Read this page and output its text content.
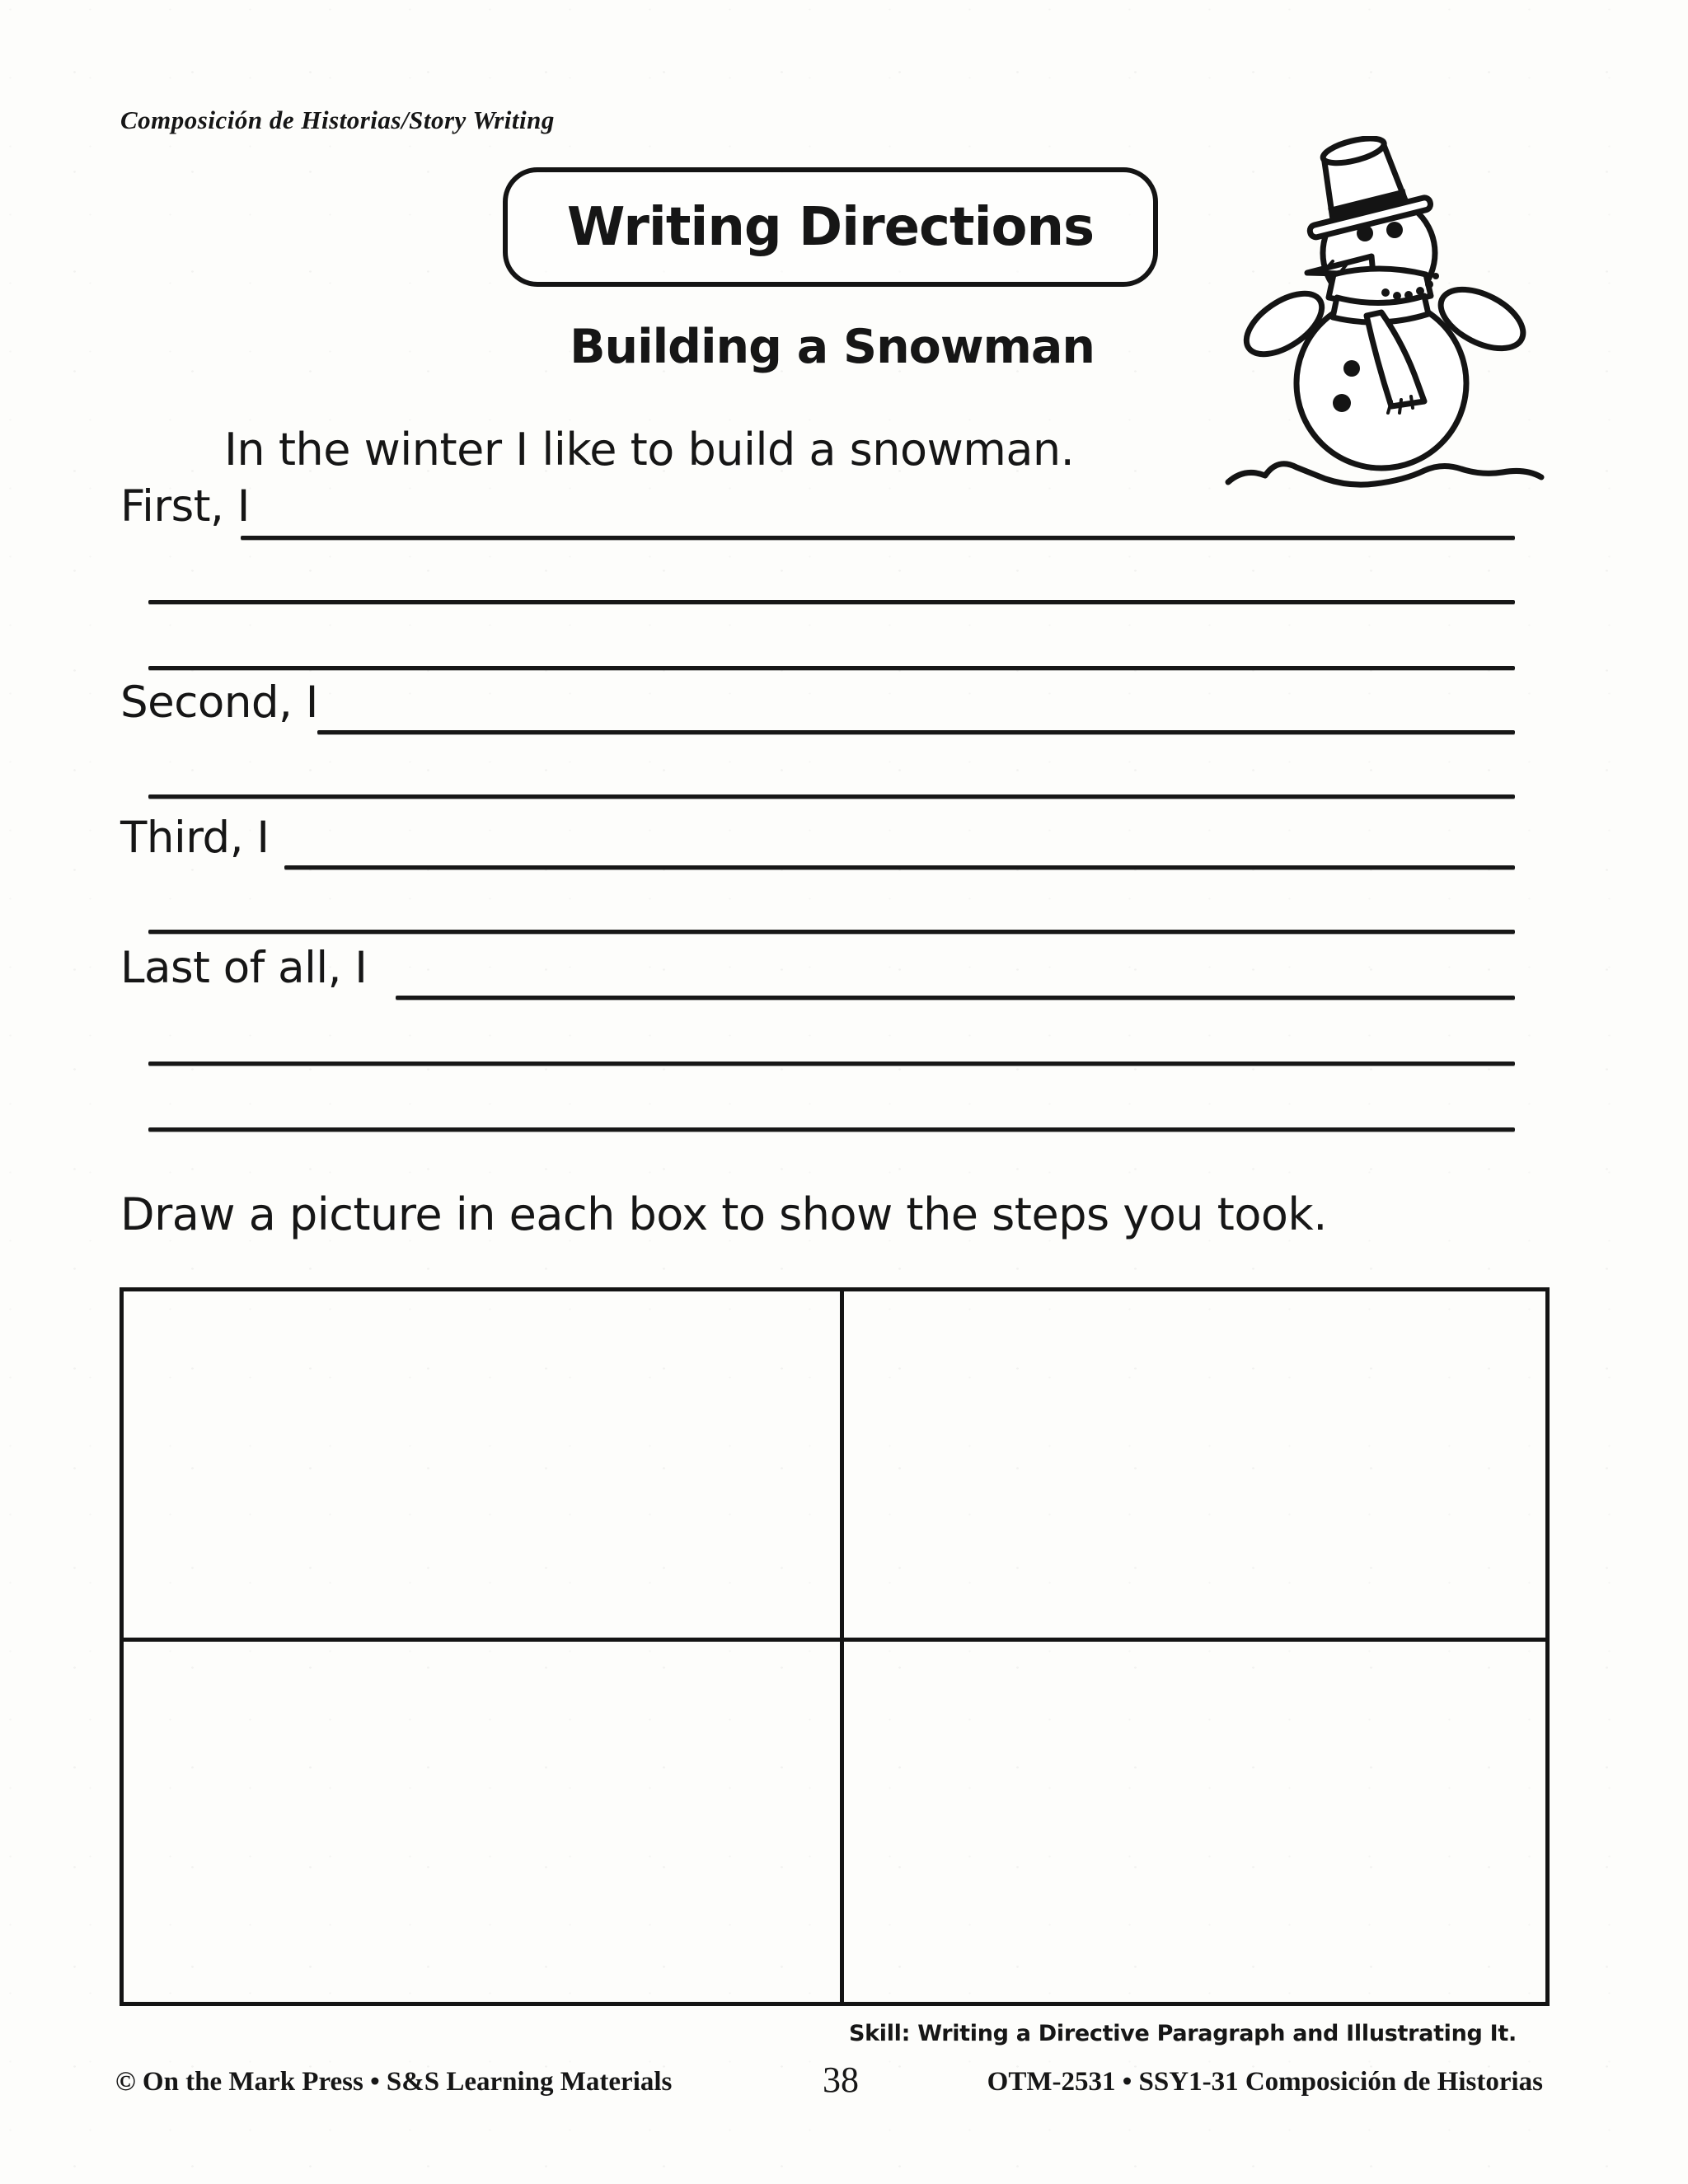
Composición de Historias/Story Writing
Writing Directions
Building a Snowman
In the winter I like to build a snowman.
First, I
Second, I
Third, I
Last of all, I
Draw a picture in each box to show the steps you took.
Skill: Writing a Directive Paragraph and Illustrating It.
© On the Mark Press • S&S Learning Materials	38	OTM-2531 • SSY1-31 Composición de Historias
